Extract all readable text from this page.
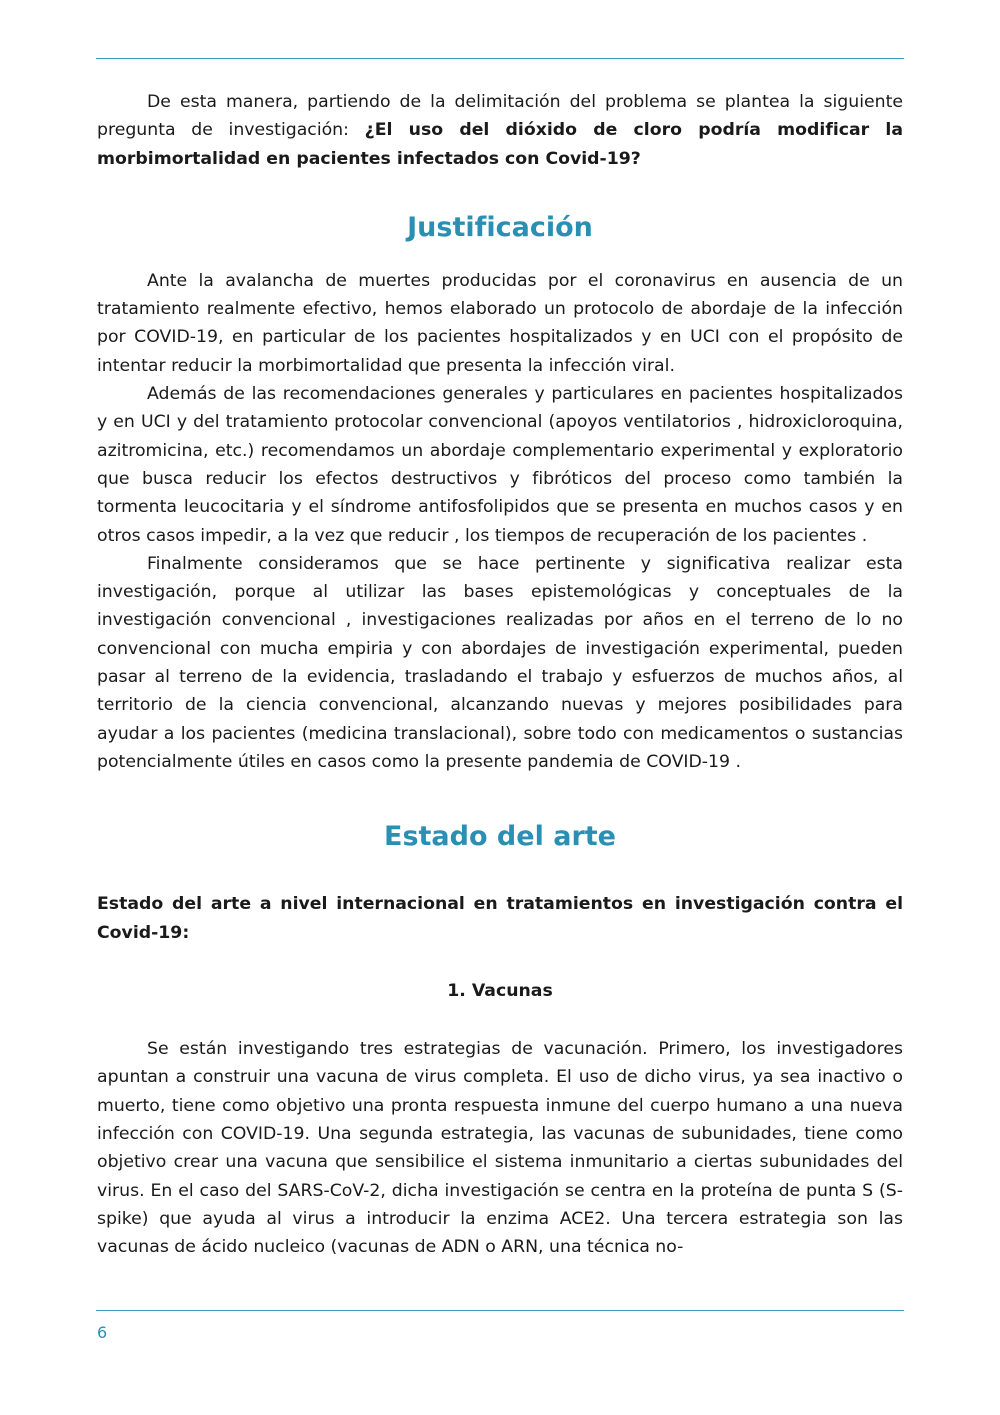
De esta manera, partiendo de la delimitación del problema se plantea la siguiente pregunta de investigación: ¿El uso del dióxido de cloro podría modificar la morbimortalidad en pacientes infectados con Covid-19?

Justificación

Ante la avalancha de muertes producidas por el coronavirus en ausencia de un tratamiento realmente efectivo, hemos elaborado un protocolo de abordaje de la infección por COVID-19, en particular de los pacientes hospitalizados y en UCI con el propósito de intentar reducir la morbimortalidad que presenta la infección viral.

Además de las recomendaciones generales y particulares en pacientes hospitalizados y en UCI y del tratamiento protocolar convencional (apoyos ventilatorios , hidroxicloroquina, azitromicina, etc.) recomendamos un abordaje complementario experimental y exploratorio que busca reducir los efectos destructivos y fibróticos del proceso como también la tormenta leucocitaria y el síndrome antifosfolipidos que se presenta en muchos casos y en otros casos impedir, a la vez que reducir , los tiempos de recuperación de los pacientes .

Finalmente consideramos que se hace pertinente y significativa realizar esta investigación, porque al utilizar las bases epistemológicas y conceptuales de la investigación convencional , investigaciones realizadas por años en el terreno de lo no convencional con mucha empiria y con abordajes de investigación experimental, pueden pasar al terreno de la evidencia, trasladando el trabajo y esfuerzos de muchos años, al territorio de la ciencia convencional, alcanzando nuevas y mejores posibilidades para ayudar a los pacientes (medicina translacional), sobre todo con medicamentos o sustancias potencialmente útiles en casos como la presente pandemia de COVID-19 .

Estado del arte

Estado del arte a nivel internacional en tratamientos en investigación contra el Covid-19:

1. Vacunas

Se están investigando tres estrategias de vacunación. Primero, los investigadores apuntan a construir una vacuna de virus completa. El uso de dicho virus, ya sea inactivo o muerto, tiene como objetivo una pronta respuesta inmune del cuerpo humano a una nueva infección con COVID-19. Una segunda estrategia, las vacunas de subunidades, tiene como objetivo crear una vacuna que sensibilice el sistema inmunitario a ciertas subunidades del virus. En el caso del SARS-CoV-2, dicha investigación se centra en la proteína de punta S (S-spike) que ayuda al virus a introducir la enzima ACE2. Una tercera estrategia son las vacunas de ácido nucleico (vacunas de ADN o ARN, una técnica no-

6
